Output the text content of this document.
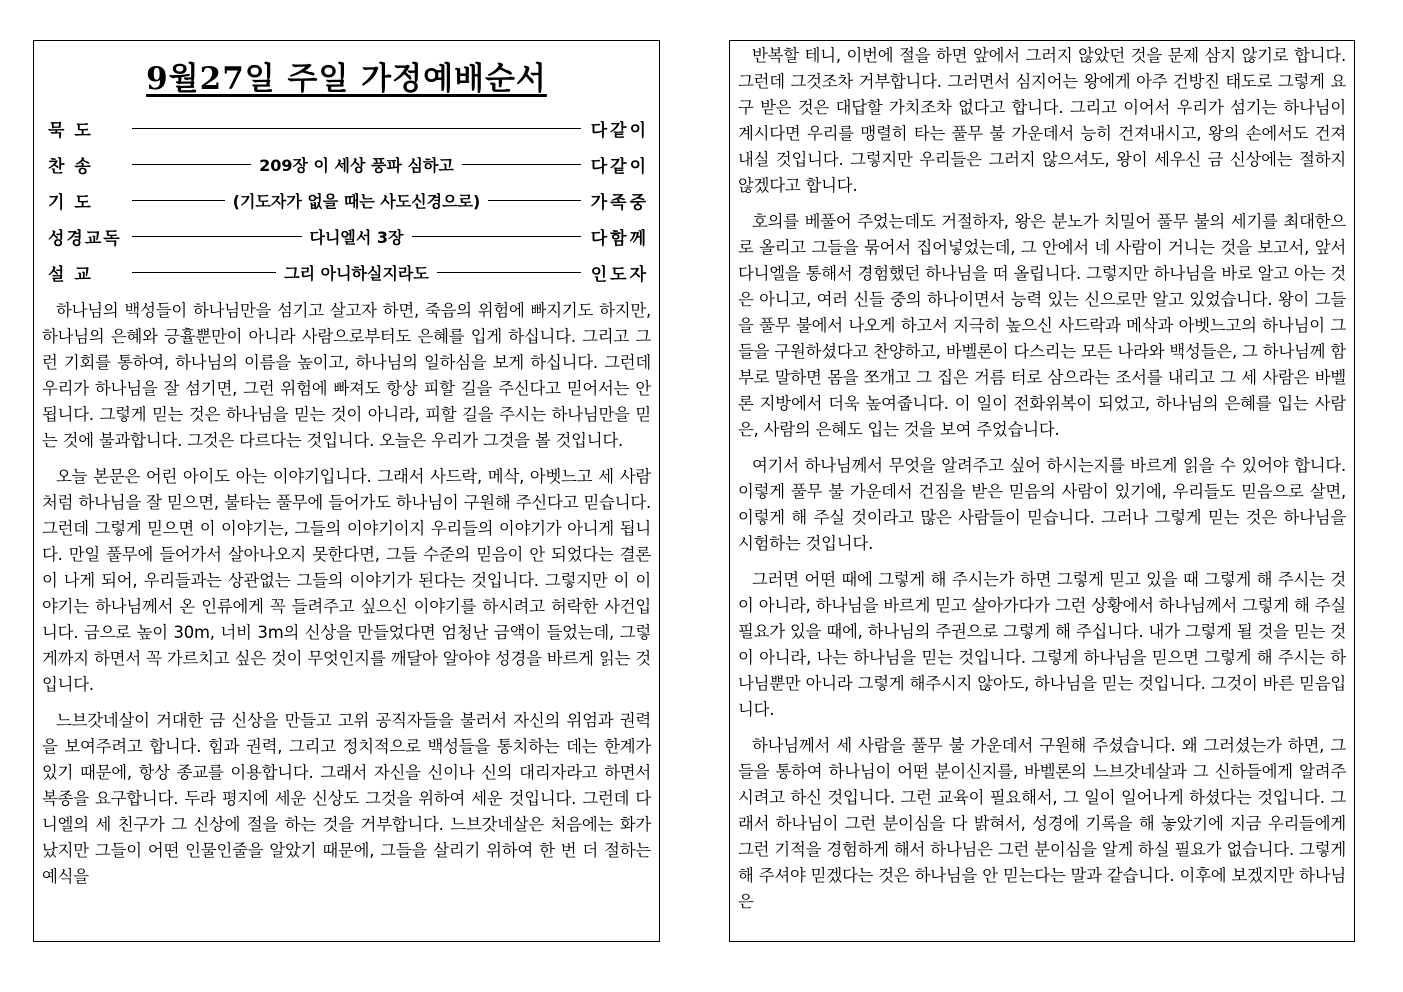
9월27일 주일 가정예배순서
묵 도	다같이
찬 송	209장 이 세상 풍파 심하고	다같이
기 도	(기도자가 없을 때는 사도신경으로)	가족중
성경교독	다니엘서 3장	다함께
설 교	그리 아니하실지라도	인도자

하나님의 백성들이 하나님만을 섬기고 살고자 하면, 죽음의 위험에 빠지기도 하지만, 하나님의 은혜와 긍휼뿐만이 아니라 사람으로부터도 은혜를 입게 하십니다. 그리고 그런 기회를 통하여, 하나님의 이름을 높이고, 하나님의 일하심을 보게 하십니다. 그런데 우리가 하나님을 잘 섬기면, 그런 위험에 빠져도 항상 피할 길을 주신다고 믿어서는 안 됩니다. 그렇게 믿는 것은 하나님을 믿는 것이 아니라, 피할 길을 주시는 하나님만을 믿는 것에 불과합니다. 그것은 다르다는 것입니다. 오늘은 우리가 그것을 볼 것입니다.

오늘 본문은 어린 아이도 아는 이야기입니다. 그래서 사드락, 메삭, 아벳느고 세 사람처럼 하나님을 잘 믿으면, 불타는 풀무에 들어가도 하나님이 구원해 주신다고 믿습니다. 그런데 그렇게 믿으면 이 이야기는, 그들의 이야기이지 우리들의 이야기가 아니게 됩니다. 만일 풀무에 들어가서 살아나오지 못한다면, 그들 수준의 믿음이 안 되었다는 결론이 나게 되어, 우리들과는 상관없는 그들의 이야기가 된다는 것입니다. 그렇지만 이 이야기는 하나님께서 온 인류에게 꼭 들려주고 싶으신 이야기를 하시려고 허락한 사건입니다. 금으로 높이 30m, 너비 3m의 신상을 만들었다면 엄청난 금액이 들었는데, 그렇게까지 하면서 꼭 가르치고 싶은 것이 무엇인지를 깨달아 알아야 성경을 바르게 읽는 것입니다.

느브갓네살이 거대한 금 신상을 만들고 고위 공직자들을 불러서 자신의 위엄과 권력을 보여주려고 합니다. 힘과 권력, 그리고 정치적으로 백성들을 통치하는 데는 한계가 있기 때문에, 항상 종교를 이용합니다. 그래서 자신을 신이나 신의 대리자라고 하면서 복종을 요구합니다. 두라 평지에 세운 신상도 그것을 위하여 세운 것입니다. 그런데 다니엘의 세 친구가 그 신상에 절을 하는 것을 거부합니다. 느브갓네살은 처음에는 화가 났지만 그들이 어떤 인물인줄을 알았기 때문에, 그들을 살리기 위하여 한 번 더 절하는 예식을

반복할 테니, 이번에 절을 하면 앞에서 그러지 않았던 것을 문제 삼지 않기로 합니다. 그런데 그것조차 거부합니다. 그러면서 심지어는 왕에게 아주 건방진 태도로 그렇게 요구 받은 것은 대답할 가치조차 없다고 합니다. 그리고 이어서 우리가 섬기는 하나님이 계시다면 우리를 맹렬히 타는 풀무 불 가운데서 능히 건져내시고, 왕의 손에서도 건져 내실 것입니다. 그렇지만 우리들은 그러지 않으셔도, 왕이 세우신 금 신상에는 절하지 않겠다고 합니다.

호의를 베풀어 주었는데도 거절하자, 왕은 분노가 치밀어 풀무 불의 세기를 최대한으로 올리고 그들을 묶어서 집어넣었는데, 그 안에서 네 사람이 거니는 것을 보고서, 앞서 다니엘을 통해서 경험했던 하나님을 떠 올립니다. 그렇지만 하나님을 바로 알고 아는 것은 아니고, 여러 신들 중의 하나이면서 능력 있는 신으로만 알고 있었습니다. 왕이 그들을 풀무 불에서 나오게 하고서 지극히 높으신 사드락과 메삭과 아벳느고의 하나님이 그들을 구원하셨다고 찬양하고, 바벨론이 다스리는 모든 나라와 백성들은, 그 하나님께 함부로 말하면 몸을 쪼개고 그 집은 거름 터로 삼으라는 조서를 내리고 그 세 사람은 바벨론 지방에서 더욱 높여줍니다. 이 일이 전화위복이 되었고, 하나님의 은혜를 입는 사람은, 사람의 은혜도 입는 것을 보여 주었습니다.

여기서 하나님께서 무엇을 알려주고 싶어 하시는지를 바르게 읽을 수 있어야 합니다. 이렇게 풀무 불 가운데서 건짐을 받은 믿음의 사람이 있기에, 우리들도 믿음으로 살면, 이렇게 해 주실 것이라고 많은 사람들이 믿습니다. 그러나 그렇게 믿는 것은 하나님을 시험하는 것입니다.

그러면 어떤 때에 그렇게 해 주시는가 하면 그렇게 믿고 있을 때 그렇게 해 주시는 것이 아니라, 하나님을 바르게 믿고 살아가다가 그런 상황에서 하나님께서 그렇게 해 주실 필요가 있을 때에, 하나님의 주권으로 그렇게 해 주십니다. 내가 그렇게 될 것을 믿는 것이 아니라, 나는 하나님을 믿는 것입니다. 그렇게 하나님을 믿으면 그렇게 해 주시는 하나님뿐만 아니라 그렇게 해주시지 않아도, 하나님을 믿는 것입니다. 그것이 바른 믿음입니다.

하나님께서 세 사람을 풀무 불 가운데서 구원해 주셨습니다. 왜 그러셨는가 하면, 그들을 통하여 하나님이 어떤 분이신지를, 바벨론의 느브갓네살과 그 신하들에게 알려주시려고 하신 것입니다. 그런 교육이 필요해서, 그 일이 일어나게 하셨다는 것입니다. 그래서 하나님이 그런 분이심을 다 밝혀서, 성경에 기록을 해 놓았기에 지금 우리들에게 그런 기적을 경험하게 해서 하나님은 그런 분이심을 알게 하실 필요가 없습니다. 그렇게 해 주셔야 믿겠다는 것은 하나님을 안 믿는다는 말과 같습니다. 이후에 보겠지만 하나님은
